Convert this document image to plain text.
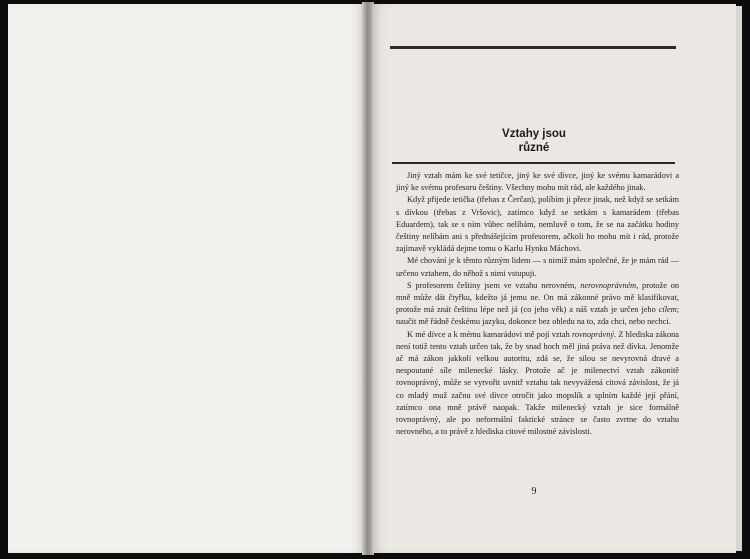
Vztahy jsou
různé

Jiný vztah mám ke své tetičce, jiný ke své dívce, jiný ke svému kamarádovi a jiný ke svému profesoru češtiny. Všechny mohu mít rád, ale každého jinak.

Když přijede tetička (třebas z Čerčan), políbím ji přece jinak, než když se setkám s dívkou (třebas z Vršovic), zatímco když se setkám s kamarádem (třebas Eduardem), tak se s ním vůbec nelíbám, nemluvě o tom, že se na začátku hodiny češtiny nelíbám ani s přednášejícím profesorem, ačkoli ho mohu mít i rád, protože zajímavě vykládá dejme tomu o Karlu Hynku Máchovi.

Mé chování je k těmto různým lidem — s nimiž mám společné, že je mám rád — určeno vztahem, do něhož s nimi vstupuji.

S profesorem češtiny jsem ve vztahu nerovném, nerovnoprávném, protože on mně může dát čtyřku, kdežto já jemu ne. On má zákonné právo mě klasifikovat, protože má znát češtinu lépe než já (co jeho věk) a náš vztah je určen jeho cílem; naučit mě řádně českému jazyku, dokonce bez ohledu na to, zda chci, nebo nechci.

K mé dívce a k mému kamarádovi mě pojí vztah rovnoprávný. Z hlediska zákona není totiž tento vztah určen tak, že by snad hoch měl jiná práva než dívka. Jenomže ač má zákon jakkoli velkou autoritu, zdá se, že silou se nevyrovná dravé a nespoutané síle milenecké lásky. Protože ač je milenectví vztah zákonitě rovnoprávný, může se vytvořit uvnitř vztahu tak nevyvážená citová závislost, že já co mladý muž začnu své dívce otročit jako mopslík a splním každé její přání, zatímco ona mně právě naopak. Takže milenecký vztah je sice formálně rovnoprávný, ale po neformální faktické stránce se často zvrtne do vztahu nerovného, a to právě z hlediska citové milostné závislosti.

9
